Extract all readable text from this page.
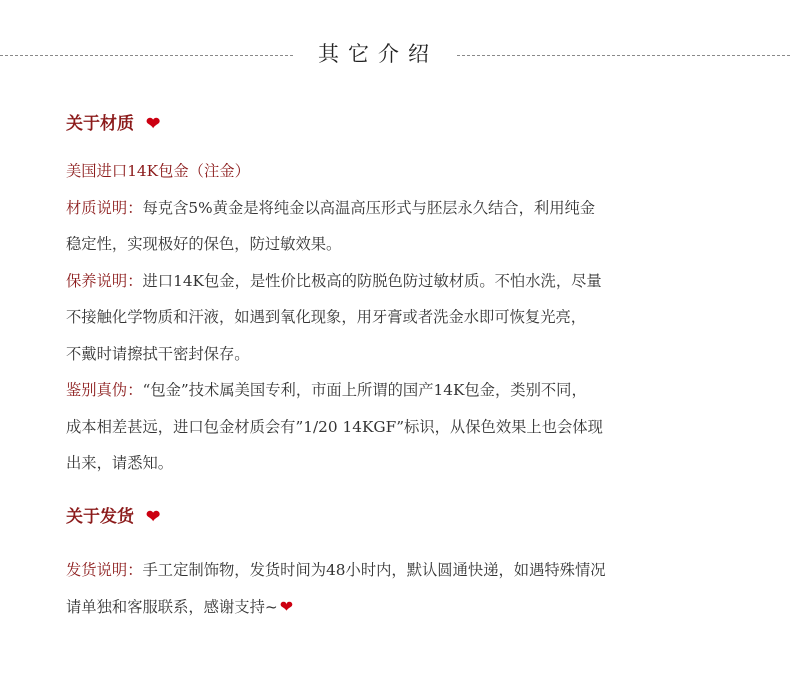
其它介绍
关于材质 ❤
美国进口14K包金（注金）
材质说明：每克含5%黄金是将纯金以高温高压形式与胚层永久结合，利用纯金
稳定性，实现极好的保色，防过敏效果。
保养说明：进口14K包金，是性价比极高的防脱色防过敏材质。不怕水洗，尽量
不接触化学物质和汗液，如遇到氧化现象，用牙膏或者洗金水即可恢复光亮，
不戴时请擦拭干密封保存。
鉴别真伪：“包金”技术属美国专利，市面上所谓的国产14K包金，类别不同，
成本相差甚远，进口包金材质会有”1/20 14KGF”标识，从保色效果上也会体现
出来，请悉知。
关于发货 ❤
发货说明：手工定制饰物，发货时间为48小时内，默认圆通快递，如遇特殊情况
请单独和客服联系，感谢支持~ ❤
